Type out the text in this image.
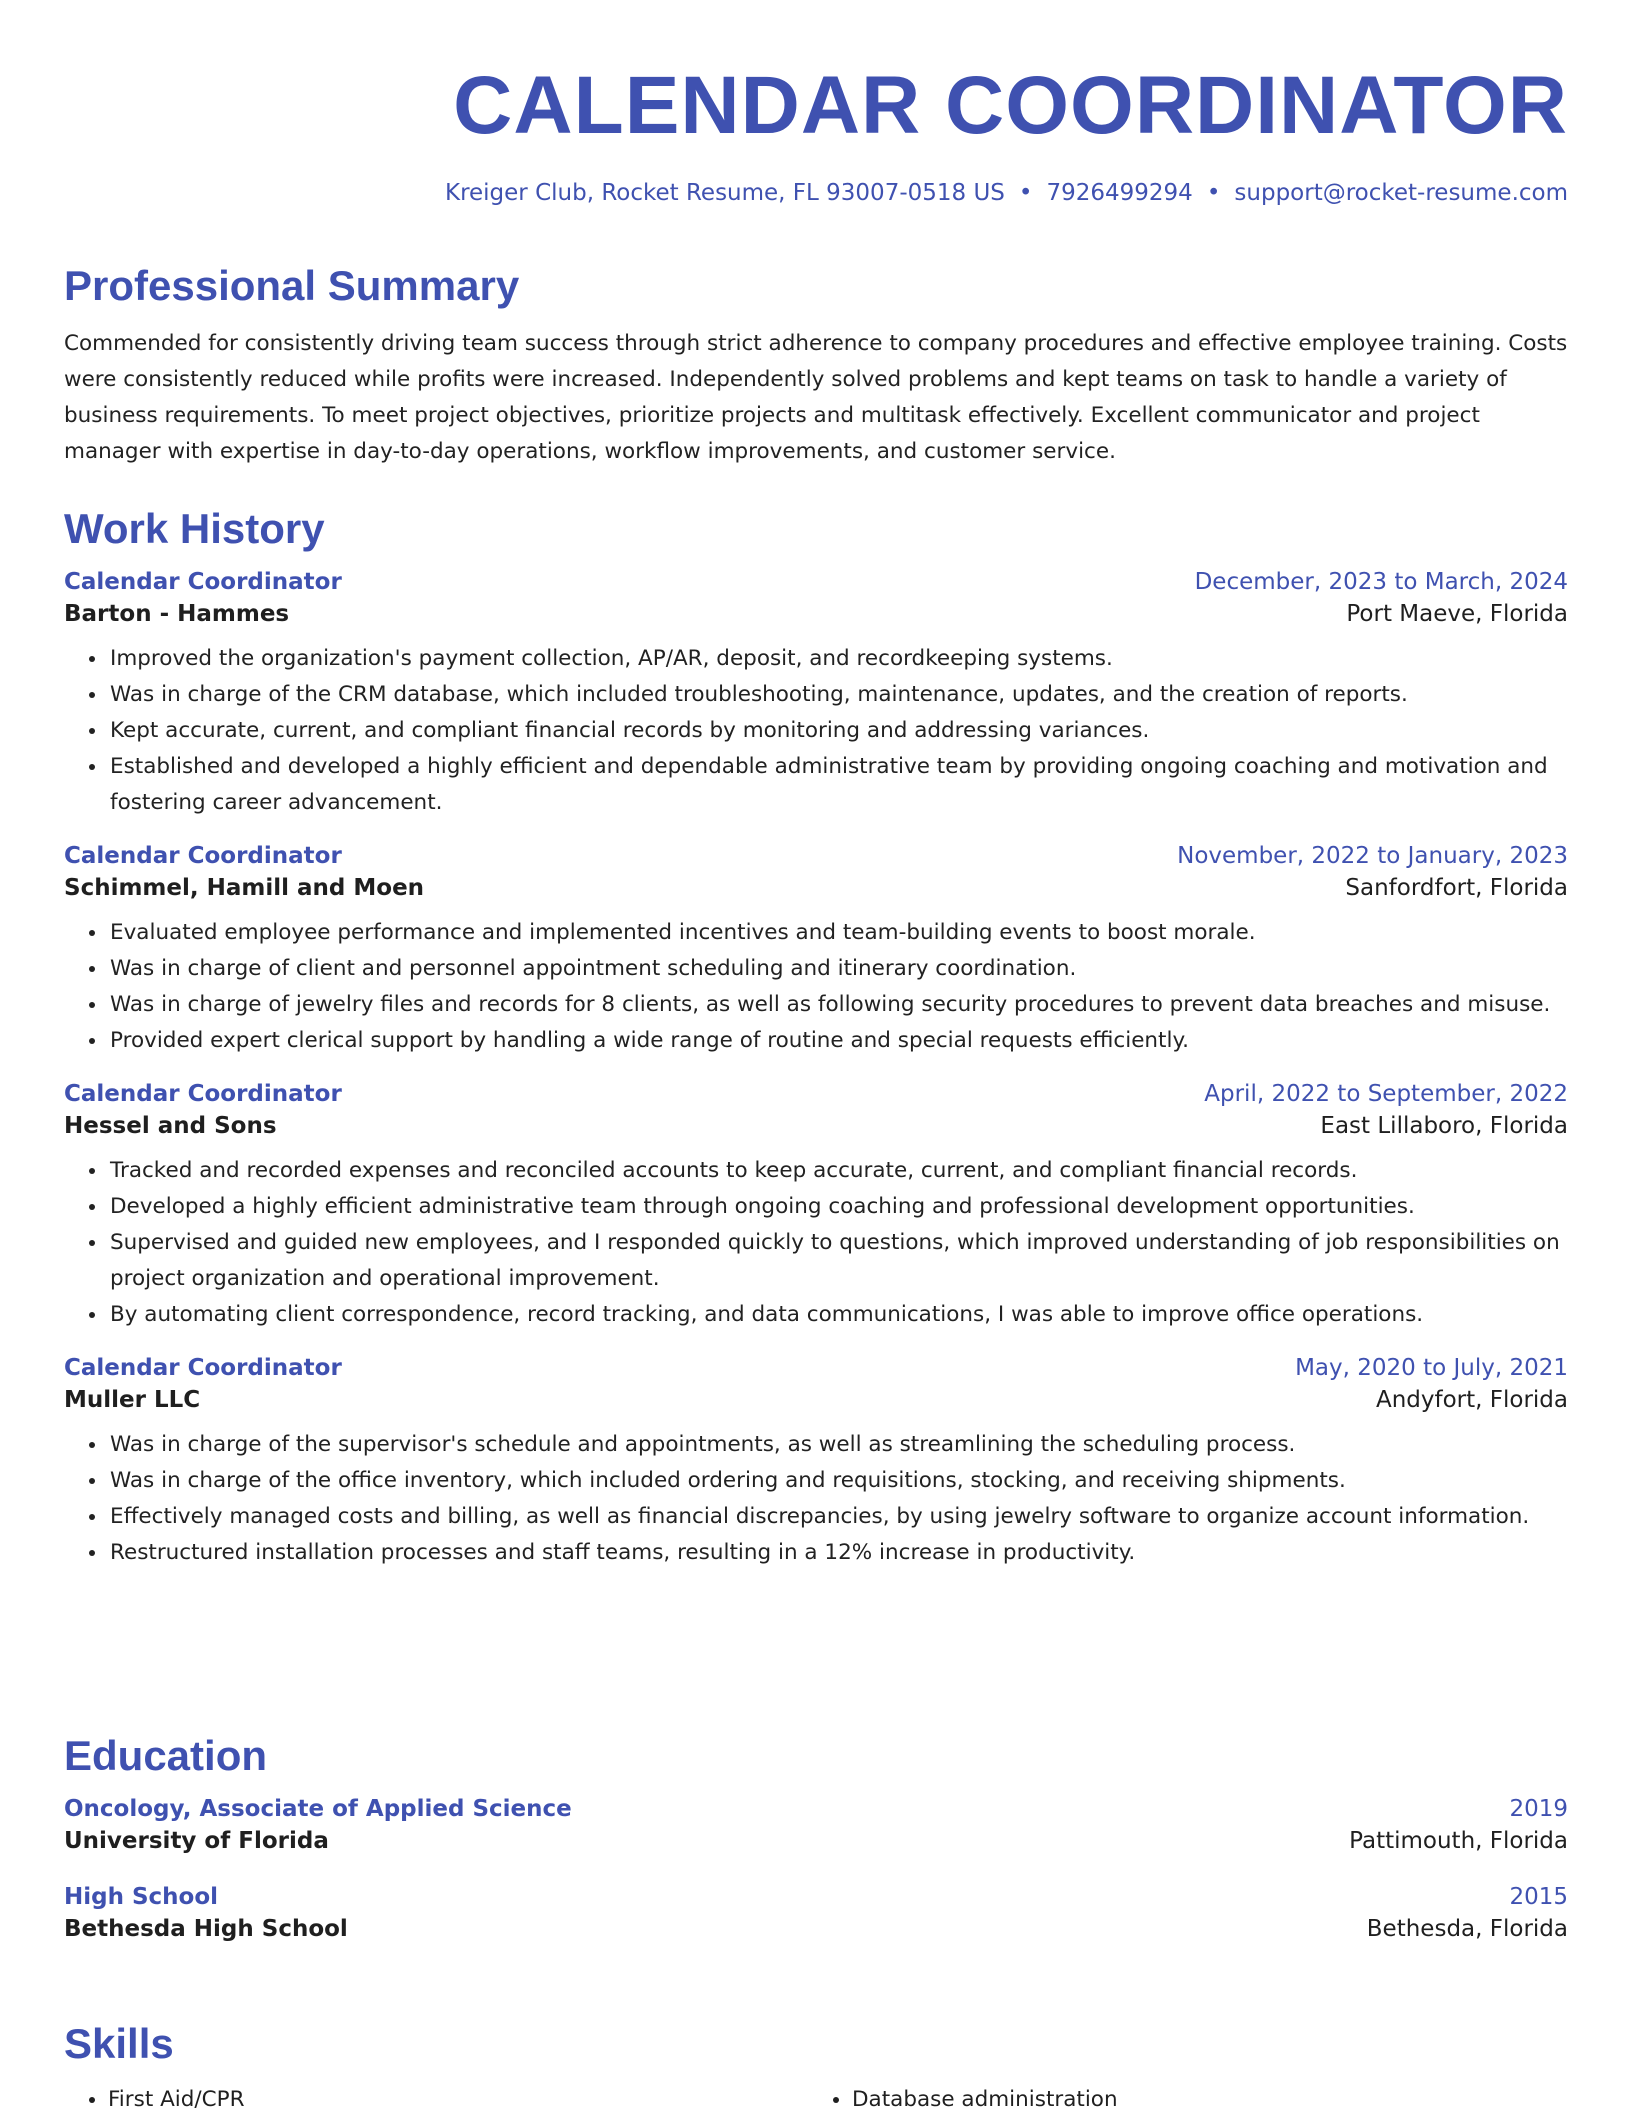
CALENDAR COORDINATOR
Kreiger Club, Rocket Resume, FL 93007-0518 US • 7926499294 • support@rocket-resume.com
Professional Summary

Commended for consistently driving team success through strict adherence to company procedures and effective employee training. Costs were consistently reduced while profits were increased. Independently solved problems and kept teams on task to handle a variety of business requirements. To meet project objectives, prioritize projects and multitask effectively. Excellent communicator and project manager with expertise in day-to-day operations, workflow improvements, and customer service.

Work History
Calendar Coordinator	December, 2023 to March, 2024
Barton - Hammes	Port Maeve, Florida
• Improved the organization's payment collection, AP/AR, deposit, and recordkeeping systems.
• Was in charge of the CRM database, which included troubleshooting, maintenance, updates, and the creation of reports.
• Kept accurate, current, and compliant financial records by monitoring and addressing variances.
• Established and developed a highly efficient and dependable administrative team by providing ongoing coaching and motivation and fostering career advancement.
Calendar Coordinator	November, 2022 to January, 2023
Schimmel, Hamill and Moen	Sanfordfort, Florida
• Evaluated employee performance and implemented incentives and team-building events to boost morale.
• Was in charge of client and personnel appointment scheduling and itinerary coordination.
• Was in charge of jewelry files and records for 8 clients, as well as following security procedures to prevent data breaches and misuse.
• Provided expert clerical support by handling a wide range of routine and special requests efficiently.
Calendar Coordinator	April, 2022 to September, 2022
Hessel and Sons	East Lillaboro, Florida
• Tracked and recorded expenses and reconciled accounts to keep accurate, current, and compliant financial records.
• Developed a highly efficient administrative team through ongoing coaching and professional development opportunities.
• Supervised and guided new employees, and I responded quickly to questions, which improved understanding of job responsibilities on project organization and operational improvement.
• By automating client correspondence, record tracking, and data communications, I was able to improve office operations.
Calendar Coordinator	May, 2020 to July, 2021
Muller LLC	Andyfort, Florida
• Was in charge of the supervisor's schedule and appointments, as well as streamlining the scheduling process.
• Was in charge of the office inventory, which included ordering and requisitions, stocking, and receiving shipments.
• Effectively managed costs and billing, as well as financial discrepancies, by using jewelry software to organize account information.
• Restructured installation processes and staff teams, resulting in a 12% increase in productivity.
Education
Oncology, Associate of Applied Science	2019
University of Florida	Pattimouth, Florida
High School	2015
Bethesda High School	Bethesda, Florida
Skills
• First Aid/CPR
•	Database administration
